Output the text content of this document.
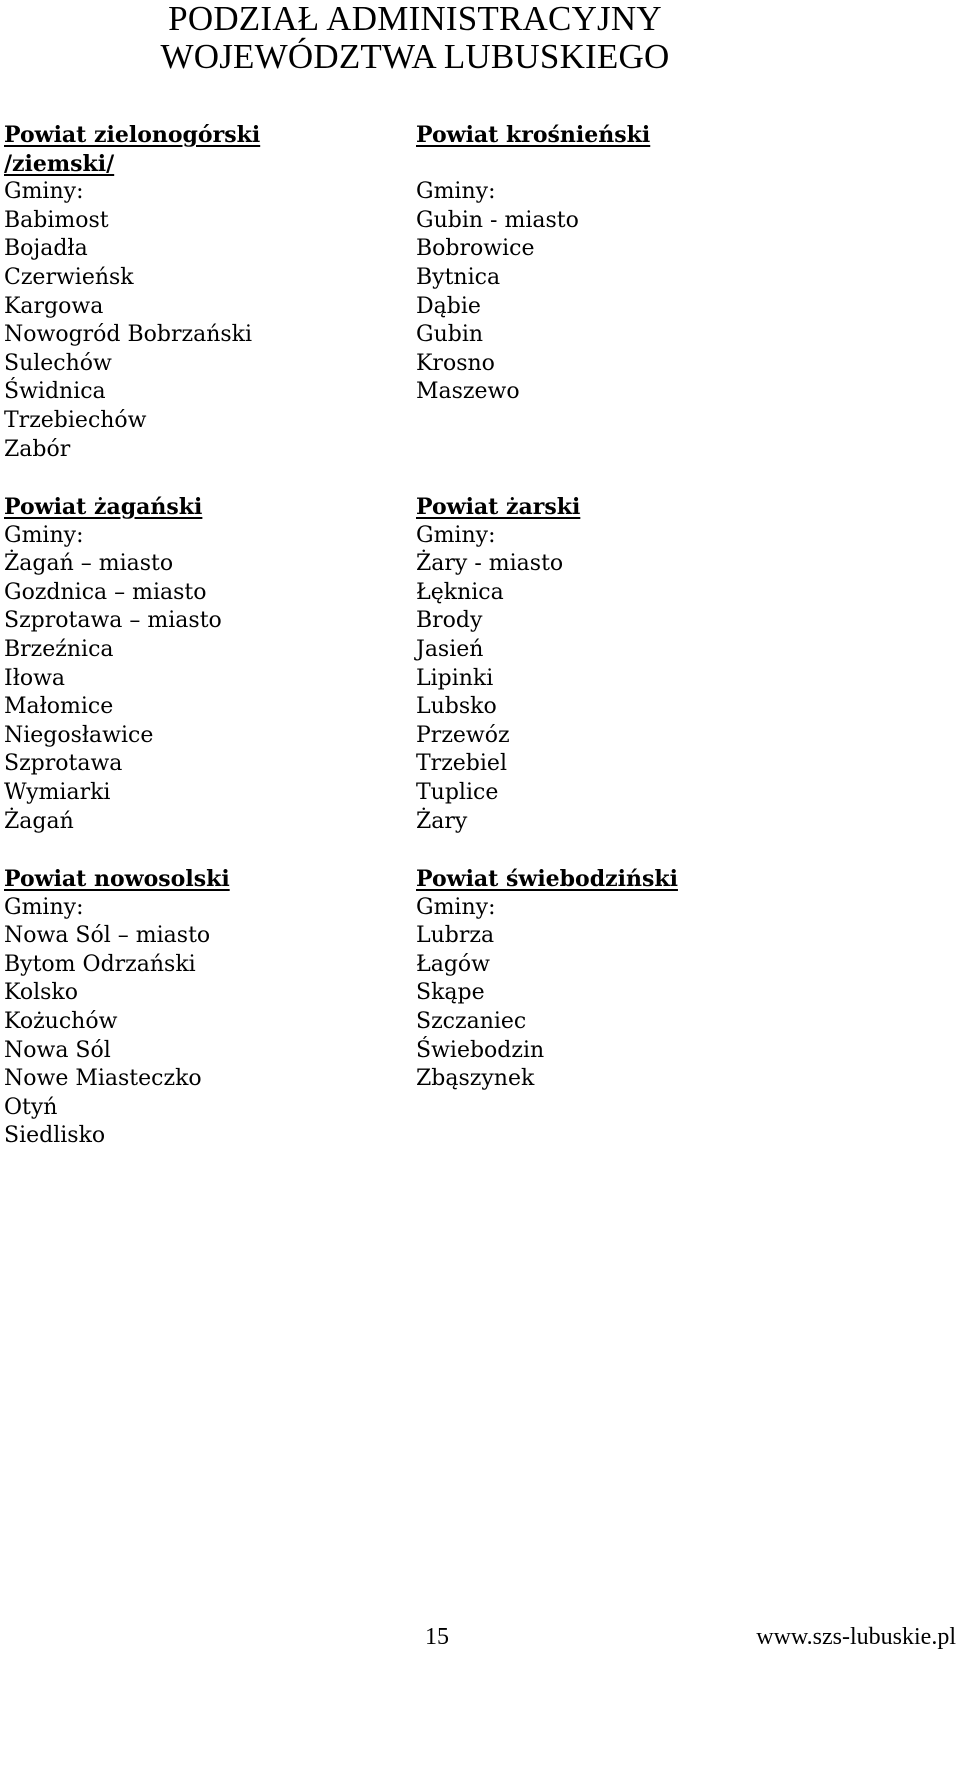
PODZIAŁ ADMINISTRACYJNY
WOJEWÓDZTWA LUBUSKIEGO
Powiat zielonogórski
/ziemski/
Gminy:
Babimost
Bojadła
Czerwieńsk
Kargowa
Nowogród Bobrzański
Sulechów
Świdnica
Trzebiechów
Zabór
Powiat żagański
Gminy:
Żagań – miasto
Gozdnica – miasto
Szprotawa – miasto
Brzeźnica
Iłowa
Małomice
Niegosławice
Szprotawa
Wymiarki
Żagań
Powiat nowosolski
Gminy:
Nowa Sól – miasto
Bytom Odrzański
Kolsko
Kożuchów
Nowa Sól
Nowe Miasteczko
Otyń
Siedlisko
Powiat krośnieński
Gminy:
Gubin - miasto
Bobrowice
Bytnica
Dąbie
Gubin
Krosno
Maszewo
Powiat żarski
Gminy:
Żary - miasto
Łęknica
Brody
Jasień
Lipinki
Lubsko
Przewóz
Trzebiel
Tuplice
Żary
Powiat świebodziński
Gminy:
Lubrza
Łagów
Skąpe
Szczaniec
Świebodzin
Zbąszynek
15	www.szs-lubuskie.pl
